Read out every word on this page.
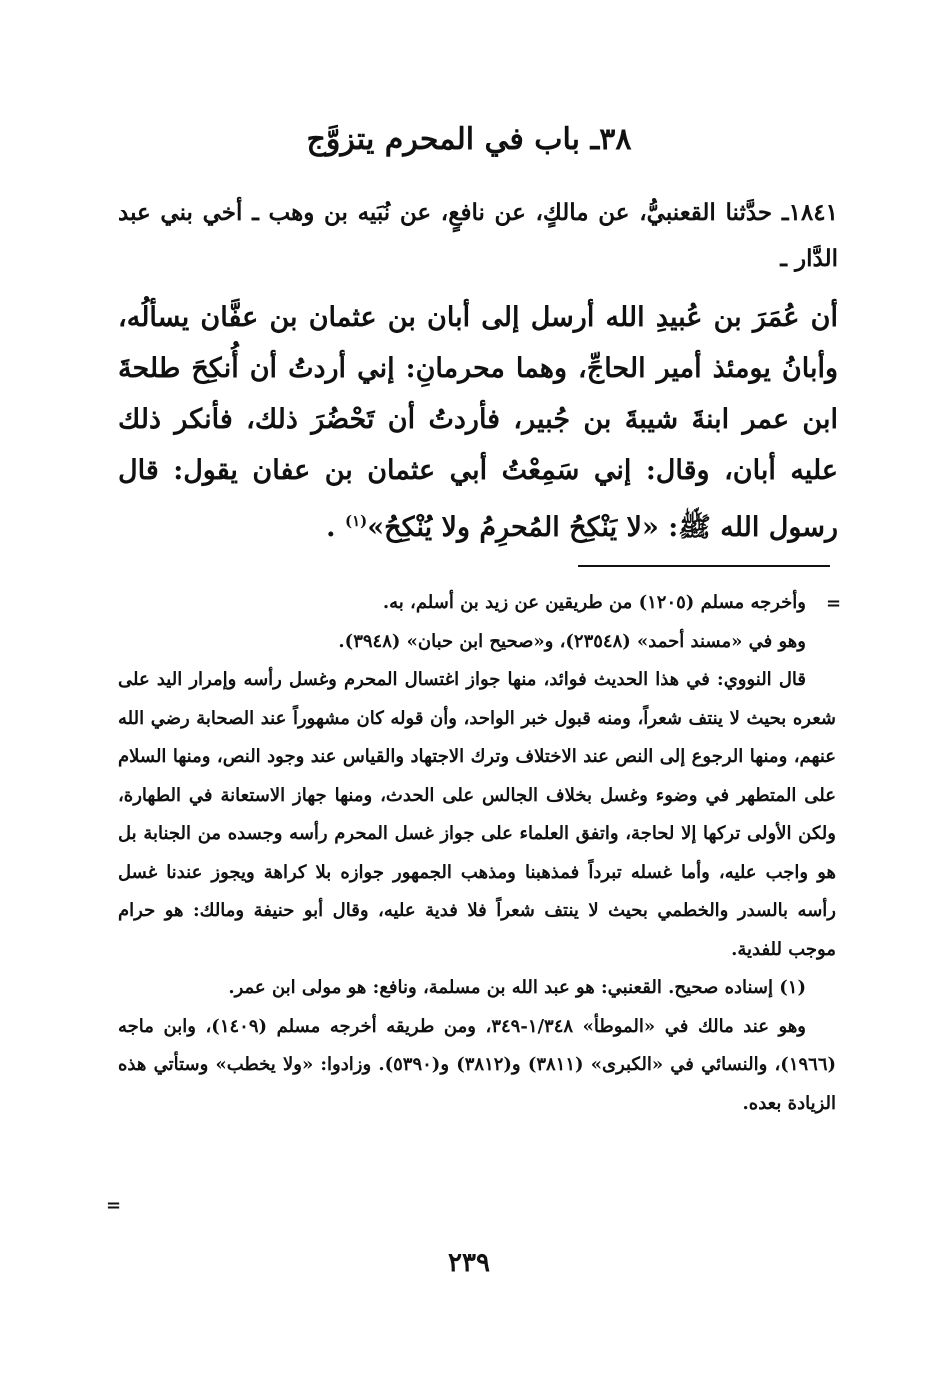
٣٨ـ باب في المحرم يتزوَّج
١٨٤١ـ حدَّثنا القعنبيُّ، عن مالكٍ، عن نافعٍ، عن نُبَيه بن وهب ـ أخي بني عبد الدَّار ـ
أن عُمَرَ بن عُبيدِ الله أرسل إلى أبان بن عثمان بن عفَّان يسألُه، وأبانُ يومئذ أمير الحاجِّ، وهما محرمانِ: إني أردتُ أن أُنكِحَ طلحةَ ابن عمر ابنةَ شيبةَ بن جُبير، فأردتُ أن تَحْضُرَ ذلك، فأنكر ذلك عليه أبان، وقال: إني سَمِعْتُ أبي عثمان بن عفان يقول: قال رسول الله ﷺ: «لا يَنْكِحُ المُحرِمُ ولا يُنْكِحُ»$^{(١)}$ .
=

وأخرجه مسلم (١٢٠٥) من طريقين عن زيد بن أسلم، به.

وهو في «مسند أحمد» (٢٣٥٤٨)، و«صحيح ابن حبان» (٣٩٤٨).

قال النووي: في هذا الحديث فوائد، منها جواز اغتسال المحرم وغسل رأسه وإمرار اليد على شعره بحيث لا ينتف شعراً، ومنه قبول خبر الواحد، وأن قوله كان مشهوراً عند الصحابة رضي الله عنهم، ومنها الرجوع إلى النص عند الاختلاف وترك الاجتهاد والقياس عند وجود النص، ومنها السلام على المتطهر في وضوء وغسل بخلاف الجالس على الحدث، ومنها جهاز الاستعانة في الطهارة، ولكن الأولى تركها إلا لحاجة، واتفق العلماء على جواز غسل المحرم رأسه وجسده من الجنابة بل هو واجب عليه، وأما غسله تبرداً فمذهبنا ومذهب الجمهور جوازه بلا كراهة ويجوز عندنا غسل رأسه بالسدر والخطمي بحيث لا ينتف شعراً فلا فدية عليه، وقال أبو حنيفة ومالك: هو حرام موجب للفدية.

(١) إسناده صحيح. القعنبي: هو عبد الله بن مسلمة، ونافع: هو مولى ابن عمر.

وهو عند مالك في «الموطأ» ١/٣٤٨-٣٤٩، ومن طريقه أخرجه مسلم (١٤٠٩)، وابن ماجه (١٩٦٦)، والنسائي في «الكبرى» (٣٨١١) و(٣٨١٢) و(٥٣٩٠). وزادوا: «ولا يخطب» وستأتي هذه الزيادة بعده.

=
٢٣٩
